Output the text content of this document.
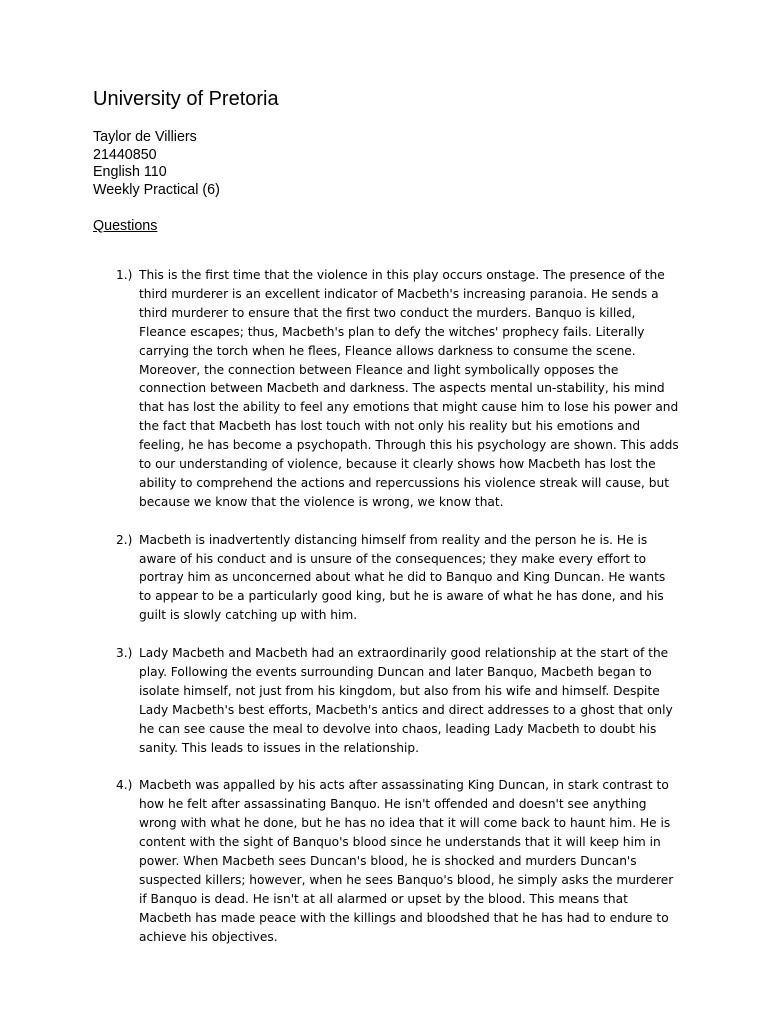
University of Pretoria
Taylor de Villiers
21440850
English 110
Weekly Practical (6)
Questions
1.) This is the first time that the violence in this play occurs onstage. The presence of the third murderer is an excellent indicator of Macbeth's increasing paranoia. He sends a third murderer to ensure that the first two conduct the murders. Banquo is killed, Fleance escapes; thus, Macbeth's plan to defy the witches' prophecy fails. Literally carrying the torch when he flees, Fleance allows darkness to consume the scene. Moreover, the connection between Fleance and light symbolically opposes the connection between Macbeth and darkness. The aspects mental un-stability, his mind that has lost the ability to feel any emotions that might cause him to lose his power and the fact that Macbeth has lost touch with not only his reality but his emotions and feeling, he has become a psychopath. Through this his psychology are shown. This adds to our understanding of violence, because it clearly shows how Macbeth has lost the ability to comprehend the actions and repercussions his violence streak will cause, but because we know that the violence is wrong, we know that.
2.) Macbeth is inadvertently distancing himself from reality and the person he is. He is aware of his conduct and is unsure of the consequences; they make every effort to portray him as unconcerned about what he did to Banquo and King Duncan. He wants to appear to be a particularly good king, but he is aware of what he has done, and his guilt is slowly catching up with him.
3.) Lady Macbeth and Macbeth had an extraordinarily good relationship at the start of the play. Following the events surrounding Duncan and later Banquo, Macbeth began to isolate himself, not just from his kingdom, but also from his wife and himself. Despite Lady Macbeth's best efforts, Macbeth's antics and direct addresses to a ghost that only he can see cause the meal to devolve into chaos, leading Lady Macbeth to doubt his sanity. This leads to issues in the relationship.
4.) Macbeth was appalled by his acts after assassinating King Duncan, in stark contrast to how he felt after assassinating Banquo. He isn't offended and doesn't see anything wrong with what he done, but he has no idea that it will come back to haunt him. He is content with the sight of Banquo's blood since he understands that it will keep him in power. When Macbeth sees Duncan's blood, he is shocked and murders Duncan's suspected killers; however, when he sees Banquo's blood, he simply asks the murderer if Banquo is dead. He isn't at all alarmed or upset by the blood. This means that Macbeth has made peace with the killings and bloodshed that he has had to endure to achieve his objectives.
